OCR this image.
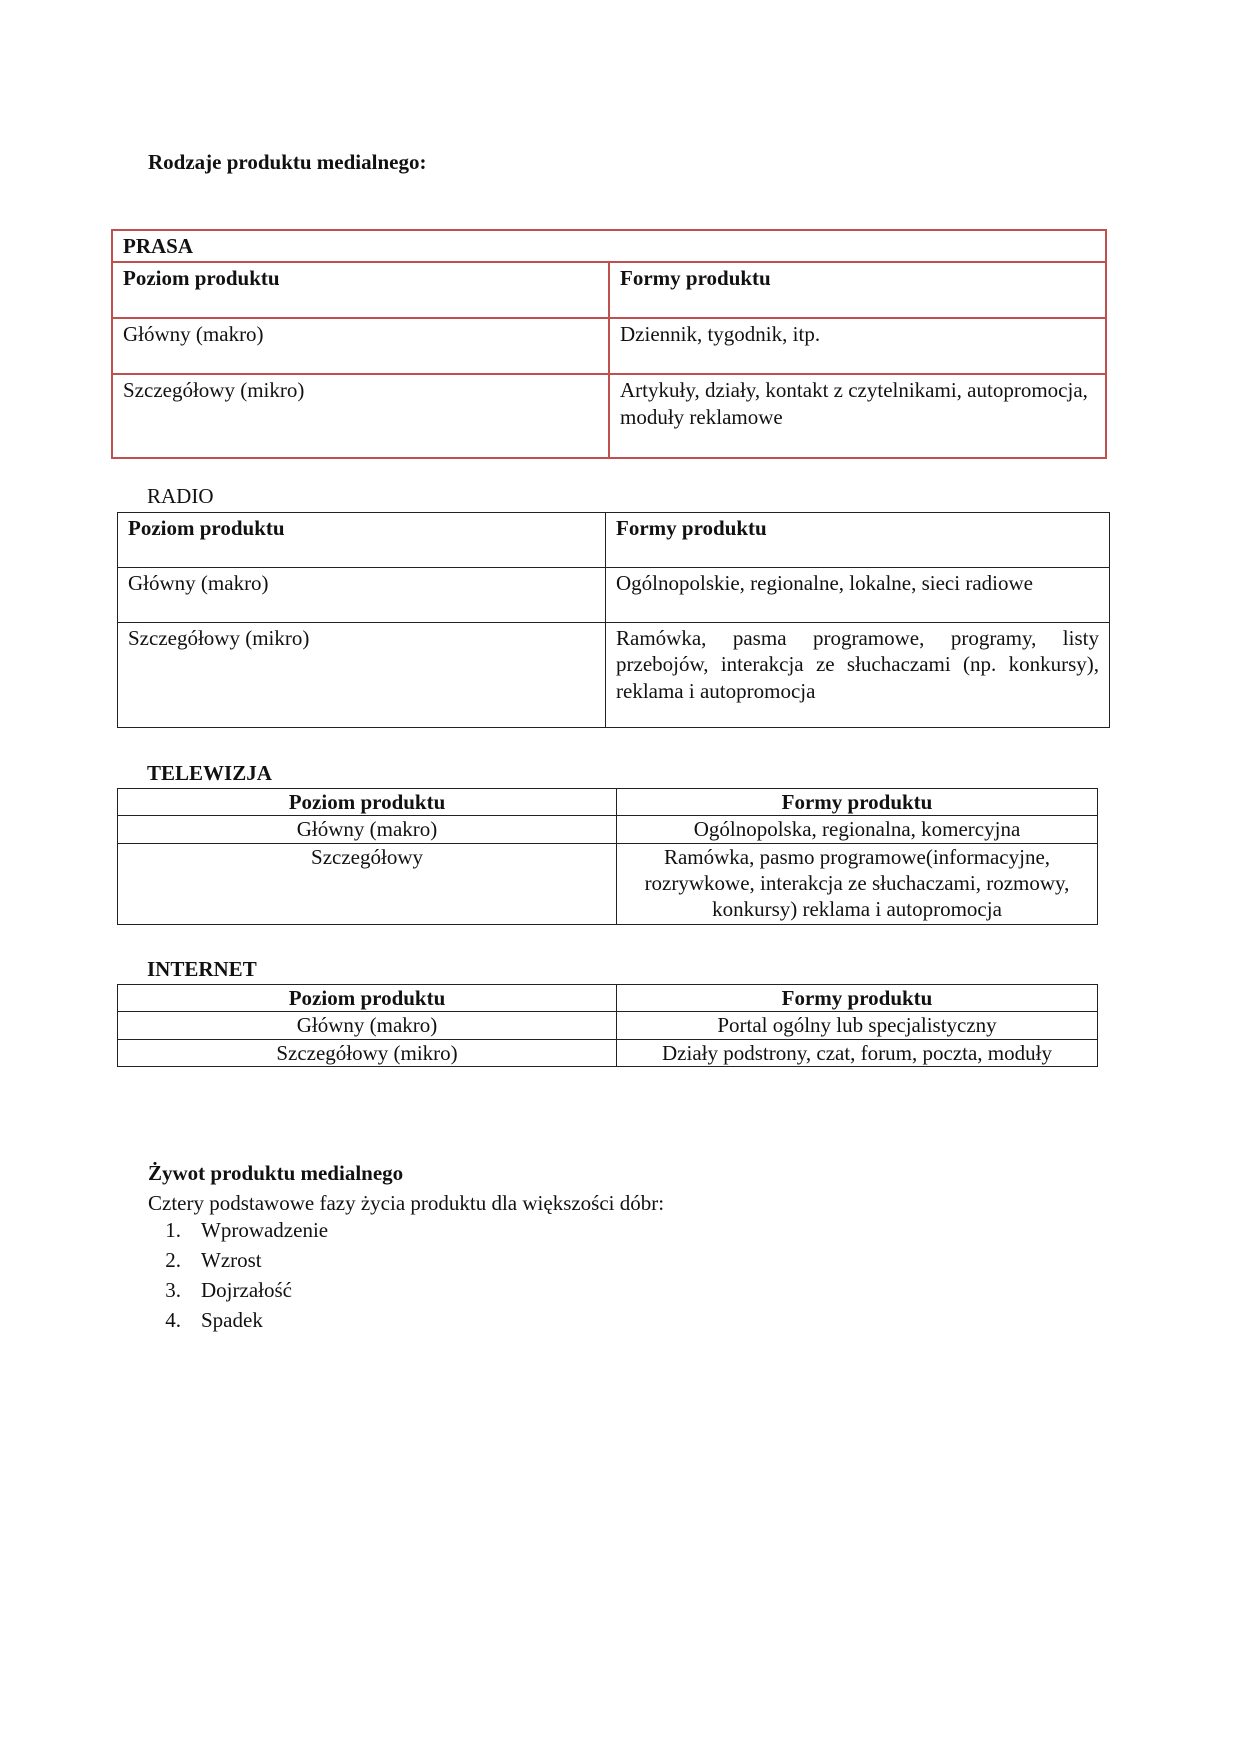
Rodzaje produktu medialnego:
PRASA	
Poziom produktu	Formy produktu
Główny (makro)	Dziennik, tygodnik, itp.
Szczegółowy (mikro)	Artykuły, działy, kontakt z czytelnikami, autopromocja, moduły reklamowe
RADIO
Poziom produktu	Formy produktu
Główny (makro)	Ogólnopolskie, regionalne, lokalne, sieci radiowe
Szczegółowy (mikro)	Ramówka, pasma programowe, programy, listy przebojów, interakcja ze słuchaczami (np. konkursy), reklama i autopromocja
TELEWIZJA
Poziom produktu	Formy produktu
Główny (makro)	Ogólnopolska, regionalna, komercyjna
Szczegółowy	Ramówka, pasmo programowe(informacyjne, rozrywkowe, interakcja ze słuchaczami, rozmowy, konkursy) reklama i autopromocja
INTERNET
Poziom produktu	Formy produktu
Główny (makro)	Portal ogólny lub specjalistyczny
Szczegółowy (mikro)	Działy podstrony, czat, forum, poczta, moduły
Żywot produktu medialnego
Cztery podstawowe fazy życia produktu dla większości dóbr:
1. Wprowadzenie
2. Wzrost
3. Dojrzałość
4. Spadek
